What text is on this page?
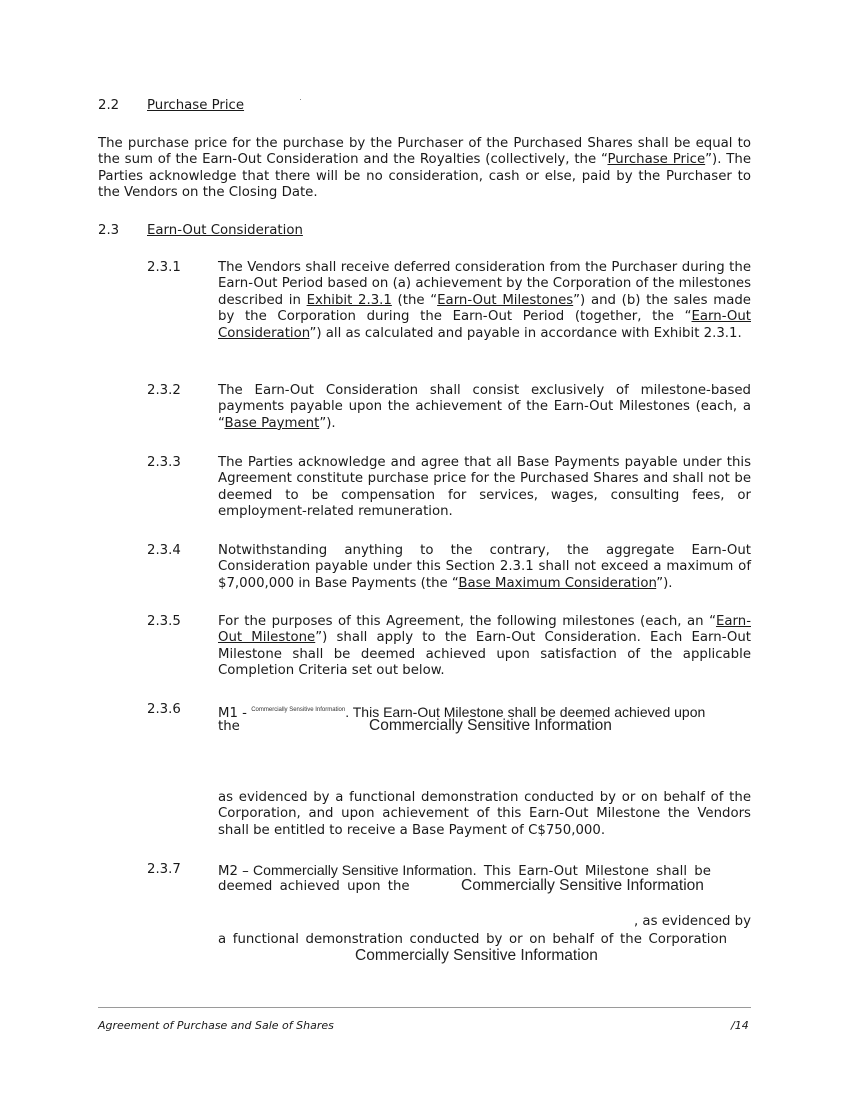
2.2 Purchase Price
The purchase price for the purchase by the Purchaser of the Purchased Shares shall be equal to the sum of the Earn-Out Consideration and the Royalties (collectively, the “Purchase Price”). The Parties acknowledge that there will be no consideration, cash or else, paid by the Purchaser to the Vendors on the Closing Date.
2.3 Earn-Out Consideration
2.3.1	The Vendors shall receive deferred consideration from the Purchaser during the Earn-Out Period based on (a) achievement by the Corporation of the milestones described in Exhibit 2.3.1 (the “Earn-Out Milestones”) and (b) the sales made by the Corporation during the Earn-Out Period (together, the “Earn-Out Consideration”) all as calculated and payable in accordance with Exhibit 2.3.1.
2.3.2	The Earn-Out Consideration shall consist exclusively of milestone-based payments payable upon the achievement of the Earn-Out Milestones (each, a “Base Payment”).
2.3.3	The Parties acknowledge and agree that all Base Payments payable under this Agreement constitute purchase price for the Purchased Shares and shall not be deemed to be compensation for services, wages, consulting fees, or employment-related remuneration.
2.3.4	Notwithstanding anything to the contrary, the aggregate Earn-Out Consideration payable under this Section 2.3.1 shall not exceed a maximum of $7,000,000 in Base Payments (the “Base Maximum Consideration”).
2.3.5	For the purposes of this Agreement, the following milestones (each, an “Earn-Out Milestone”) shall apply to the Earn-Out Consideration. Each Earn-Out Milestone shall be deemed achieved upon satisfaction of the applicable Completion Criteria set out below.
2.3.6	M1 - $^{Commercially Sensitive Information}$. This Earn-Out Milestone shall be deemed achieved upon
the	Commercially Sensitive Information
as evidenced by a functional demonstration conducted by or on behalf of the Corporation, and upon achievement of this Earn-Out Milestone the Vendors shall be entitled to receive a Base Payment of C$750,000.
2.3.7	M2 – Commercially Sensitive Information. This Earn-Out Milestone shall be
deemed achieved upon the	Commercially Sensitive Information
, as evidenced by
a functional demonstration conducted by or on behalf of the Corporation
Commercially Sensitive Information
Agreement of Purchase and Sale of Shares	/14
